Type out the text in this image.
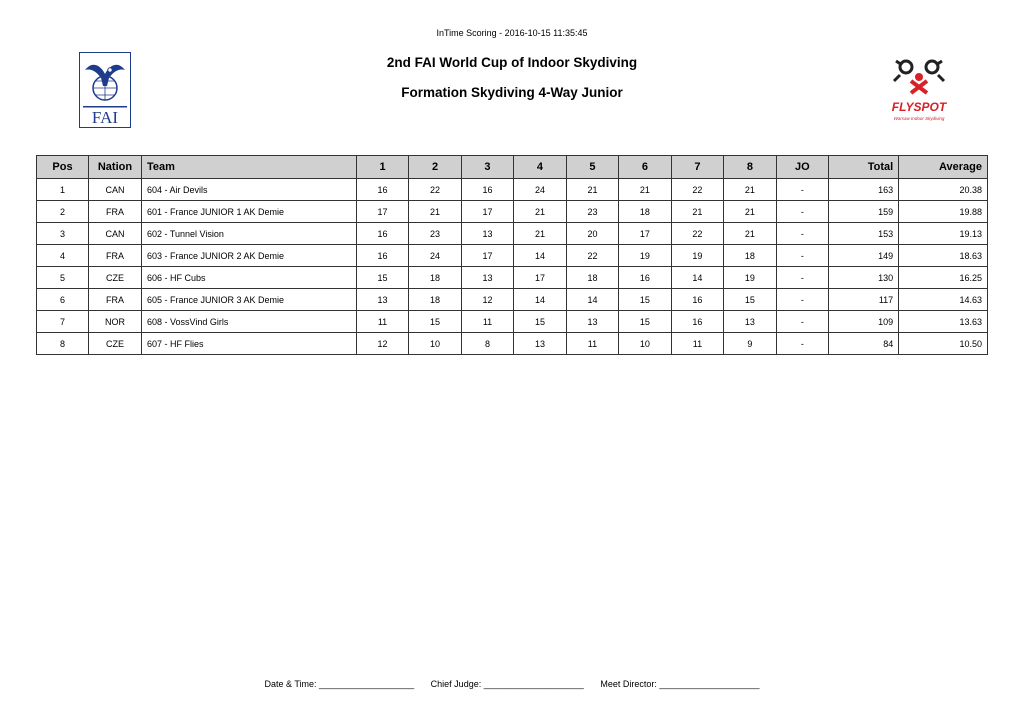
InTime Scoring - 2016-10-15 11:35:45
2nd FAI World Cup of Indoor Skydiving
Formation Skydiving 4-Way Junior
FAI
FLYSPOT
Warsaw Indoor Skydiving
Pos	Nation	Team	1	2	3	4	5	6	7	8	JO	Total	Average
1	CAN	604 - Air Devils	16	22	16	24	21	21	22	21	-	163	20.38
2	FRA	601 - France JUNIOR 1 AK Demie	17	21	17	21	23	18	21	21	-	159	19.88
3	CAN	602 - Tunnel Vision	16	23	13	21	20	17	22	21	-	153	19.13
4	FRA	603 - France JUNIOR 2 AK Demie	16	24	17	14	22	19	19	18	-	149	18.63
5	CZE	606 - HF Cubs	15	18	13	17	18	16	14	19	-	130	16.25
6	FRA	605 - France JUNIOR 3 AK Demie	13	18	12	14	14	15	16	15	-	117	14.63
7	NOR	608 - VossVind Girls	11	15	11	15	13	15	16	13	-	109	13.63
8	CZE	607 - HF Flies	12	10	8	13	11	10	11	9	-	84	10.50
Date & Time: ___________________ Chief Judge: ____________________ Meet Director: ____________________
